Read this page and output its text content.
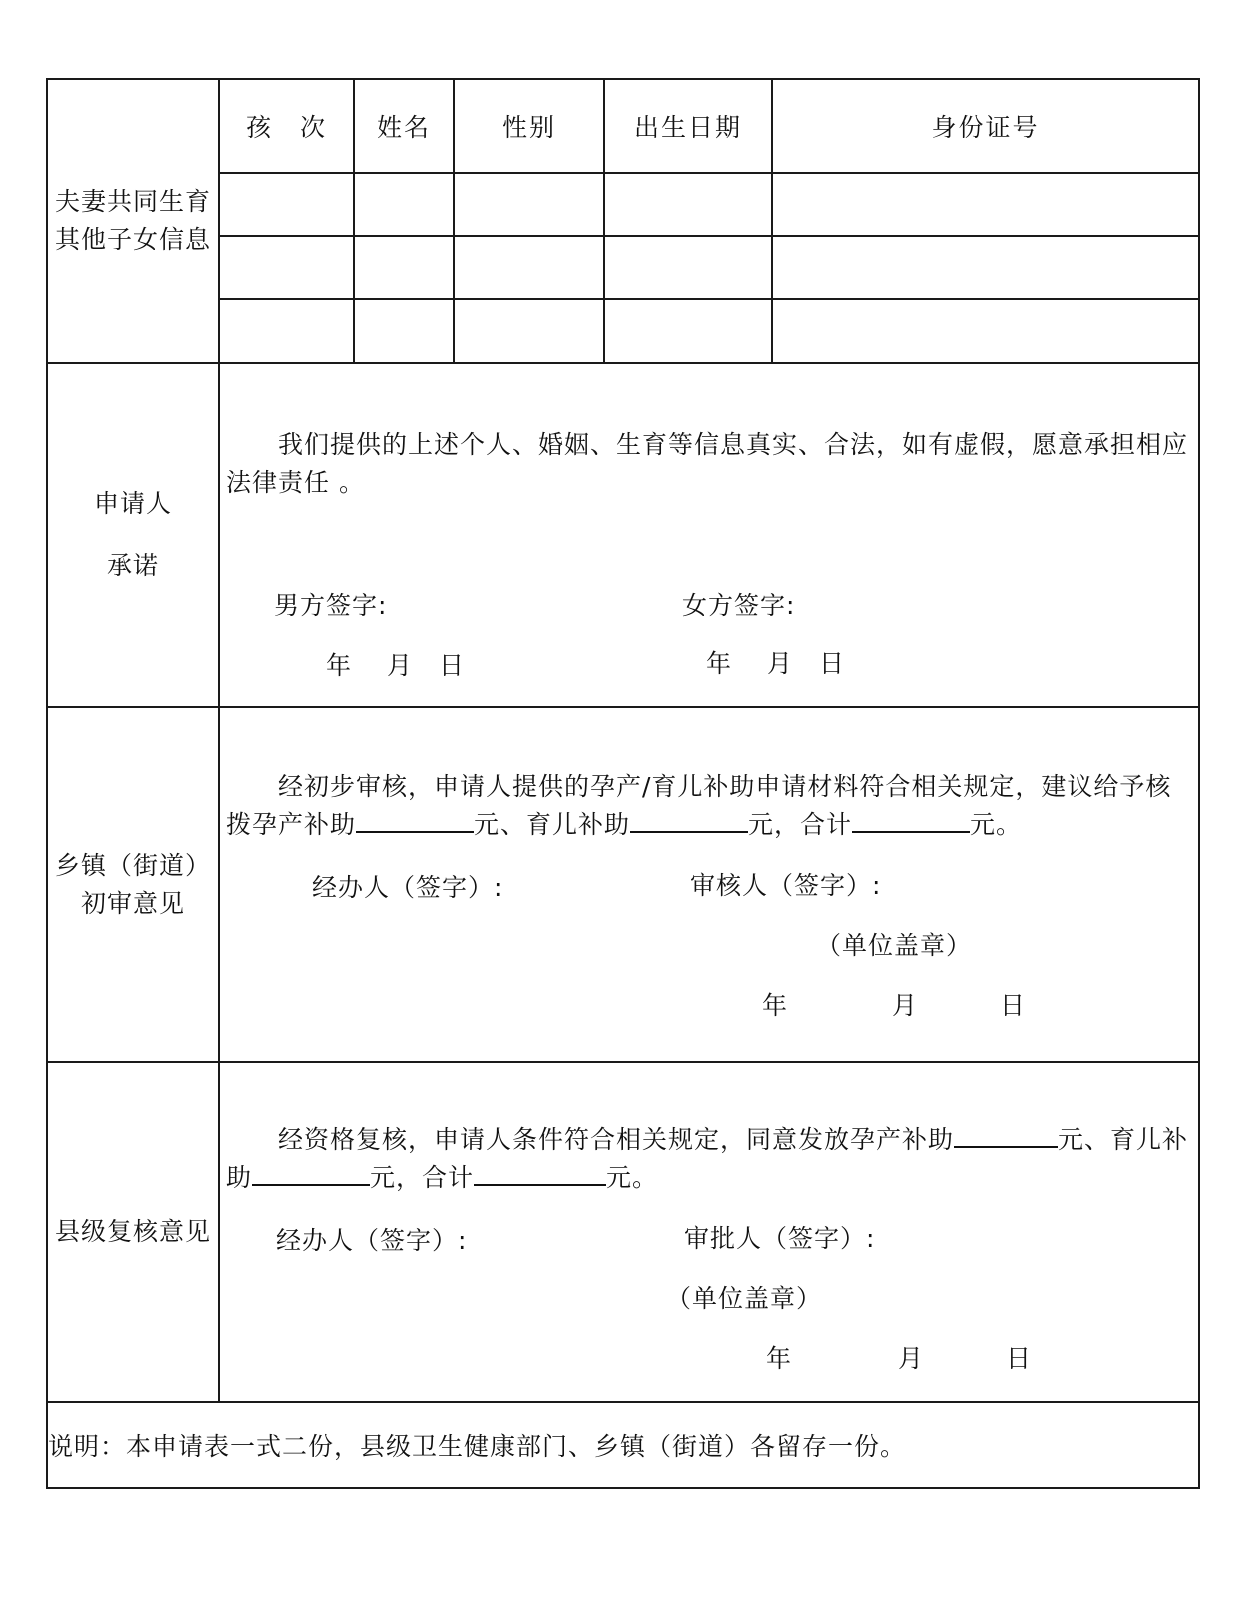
夫妻共同生育
其他子女信息

孩　次	姓名	性别	出生日期	身份证号

申请人
承诺

我们提供的上述个人、婚姻、生育等信息真实、合法，如有虚假，愿意承担相应法律责任 。
男方签字:	女方签字:
年　 月　日	年　 月　日

乡镇（街道）
初审意见

经初步审核，申请人提供的孕产/育儿补助申请材料符合相关规定，建议给予核拨孕产补助	元、育儿补助	元，合计	元。
经办人（签字）:	审核人（签字）:
（单位盖章）
年	月	日

县级复核意见	
经资格复核，申请人条件符合相关规定，同意发放孕产补助	元、育儿补助	元，合计	元。
经办人（签字）:	审批人（签字）:
（单位盖章）
年	月	日

说明：本申请表一式二份，县级卫生健康部门、乡镇（街道）各留存一份。
